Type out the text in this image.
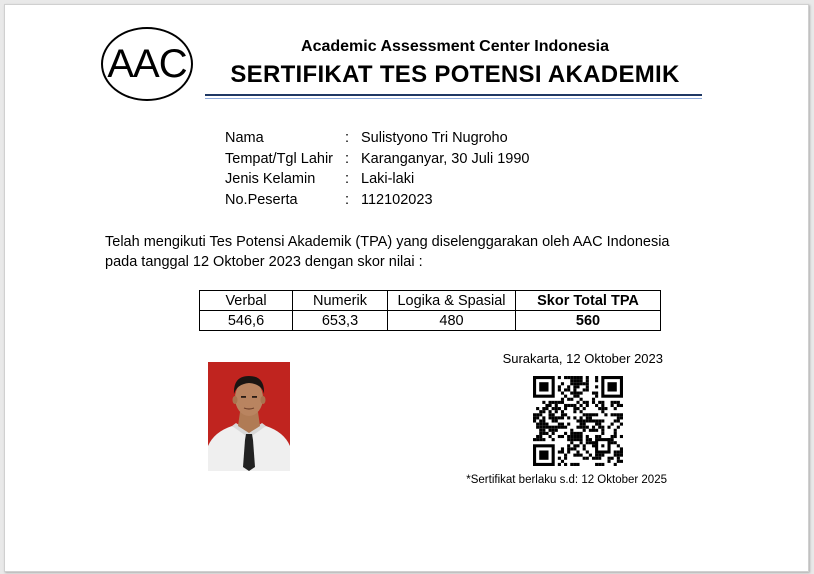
AAC	Academic Assessment Center Indonesia
SERTIFIKAT TES POTENSI AKADEMIK
Nama	: Sulistyono Tri Nugroho
Tempat/Tgl Lahir : Karanganyar, 30 Juli 1990
Jenis Kelamin	: Laki-laki
No.Peserta	: 112102023
Telah mengikuti Tes Potensi Akademik (TPA) yang diselenggarakan oleh AAC Indonesia
pada tanggal 12 Oktober 2023 dengan skor nilai :
Verbal	Numerik	Logika & Spasial	Skor Total TPA
546,6	653,3	480	560
Surakarta, 12 Oktober 2023
*Sertifikat berlaku s.d: 12 Oktober 2025
